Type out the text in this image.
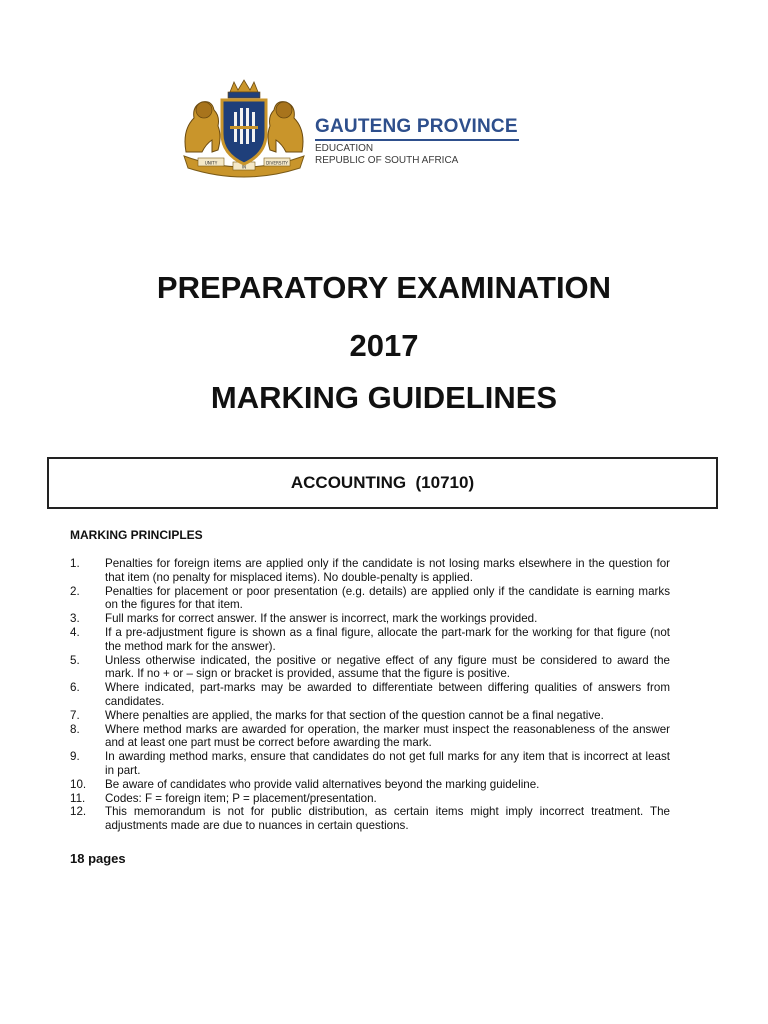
UNITY
IN
DIVERSITY
GAUTENG PROVINCE
EDUCATION
REPUBLIC OF SOUTH AFRICA
PREPARATORY EXAMINATION
2017
MARKING GUIDELINES
ACCOUNTING  (10710)
MARKING PRINCIPLES
1.	Penalties for foreign items are applied only if the candidate is not losing marks elsewhere in the question for that item (no penalty for misplaced items). No double-penalty is applied.
2.	Penalties for placement or poor presentation (e.g. details) are applied only if the candidate is earning marks on the figures for that item.
3.	Full marks for correct answer. If the answer is incorrect, mark the workings provided.
4.	If a pre-adjustment figure is shown as a final figure, allocate the part-mark for the working for that figure (not the method mark for the answer).
5.	Unless otherwise indicated, the positive or negative effect of any figure must be considered to award the mark. If no + or – sign or bracket is provided, assume that the figure is positive.
6.	Where indicated, part-marks may be awarded to differentiate between differing qualities of answers from candidates.
7.	Where penalties are applied, the marks for that section of the question cannot be a final negative.
8.	Where method marks are awarded for operation, the marker must inspect the reasonableness of the answer and at least one part must be correct before awarding the mark.
9.	In awarding method marks, ensure that candidates do not get full marks for any item that is incorrect at least in part.
10.	Be aware of candidates who provide valid alternatives beyond the marking guideline.
11.	Codes: F = foreign item; P = placement/presentation.
12.	This memorandum is not for public distribution, as certain items might imply incorrect treatment. The adjustments made are due to nuances in certain questions.
18 pages
